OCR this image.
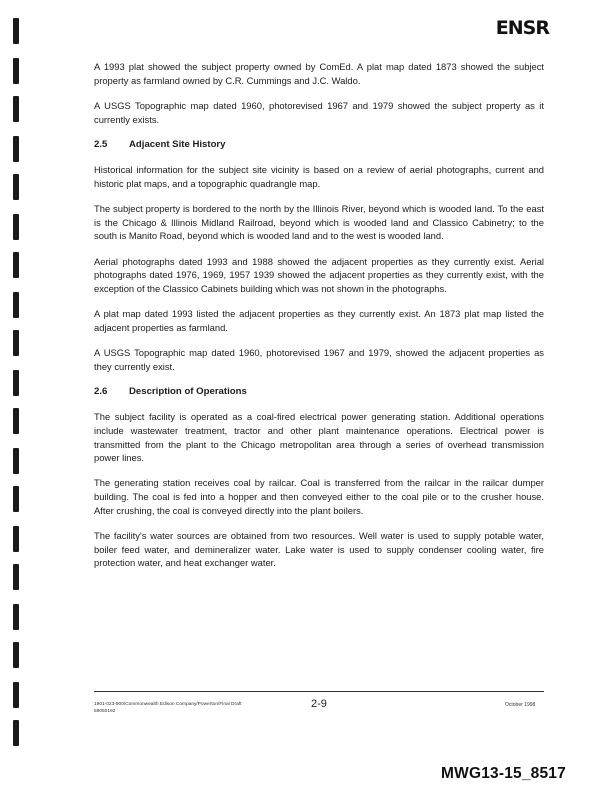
ENSR

A 1993 plat showed the subject property owned by ComEd. A plat map dated 1873 showed the subject property as farmland owned by C.R. Cummings and J.C. Waldo.

A USGS Topographic map dated 1960, photorevised 1967 and 1979 showed the subject property as it currently exists.

2.5 Adjacent Site History

Historical information for the subject site vicinity is based on a review of aerial photographs, current and historic plat maps, and a topographic quadrangle map.

The subject property is bordered to the north by the Illinois River, beyond which is wooded land. To the east is the Chicago & Illinois Midland Railroad, beyond which is wooded land and Classico Cabinetry; to the south is Manito Road, beyond which is wooded land and to the west is wooded land.

Aerial photographs dated 1993 and 1988 showed the adjacent properties as they currently exist. Aerial photographs dated 1976, 1969, 1957 1939 showed the adjacent properties as they currently exist, with the exception of the Classico Cabinets building which was not shown in the photographs.

A plat map dated 1993 listed the adjacent properties as they currently exist. An 1873 plat map listed the adjacent properties as farmland.

A USGS Topographic map dated 1960, photorevised 1967 and 1979, showed the adjacent properties as they currently exist.

2.6 Description of Operations

The subject facility is operated as a coal-fired electrical power generating station. Additional operations include wastewater treatment, tractor and other plant maintenance operations. Electrical power is transmitted from the plant to the Chicago metropolitan area through a series of overhead transmission power lines.

The generating station receives coal by railcar. Coal is transferred from the railcar in the railcar dumper building. The coal is fed into a hopper and then conveyed either to the coal pile or to the crusher house. After crushing, the coal is conveyed directly into the plant boilers.

The facility's water sources are obtained from two resources. Well water is used to supply potable water, boiler feed water, and demineralizer water. Lake water is used to supply condenser cooling water, fire protection water, and heat exchanger water.

1901-023-900/Commonwealth Edison Company/Powerton/Final Draft
59050192
2-9	October 1998
MWG13-15_8517
